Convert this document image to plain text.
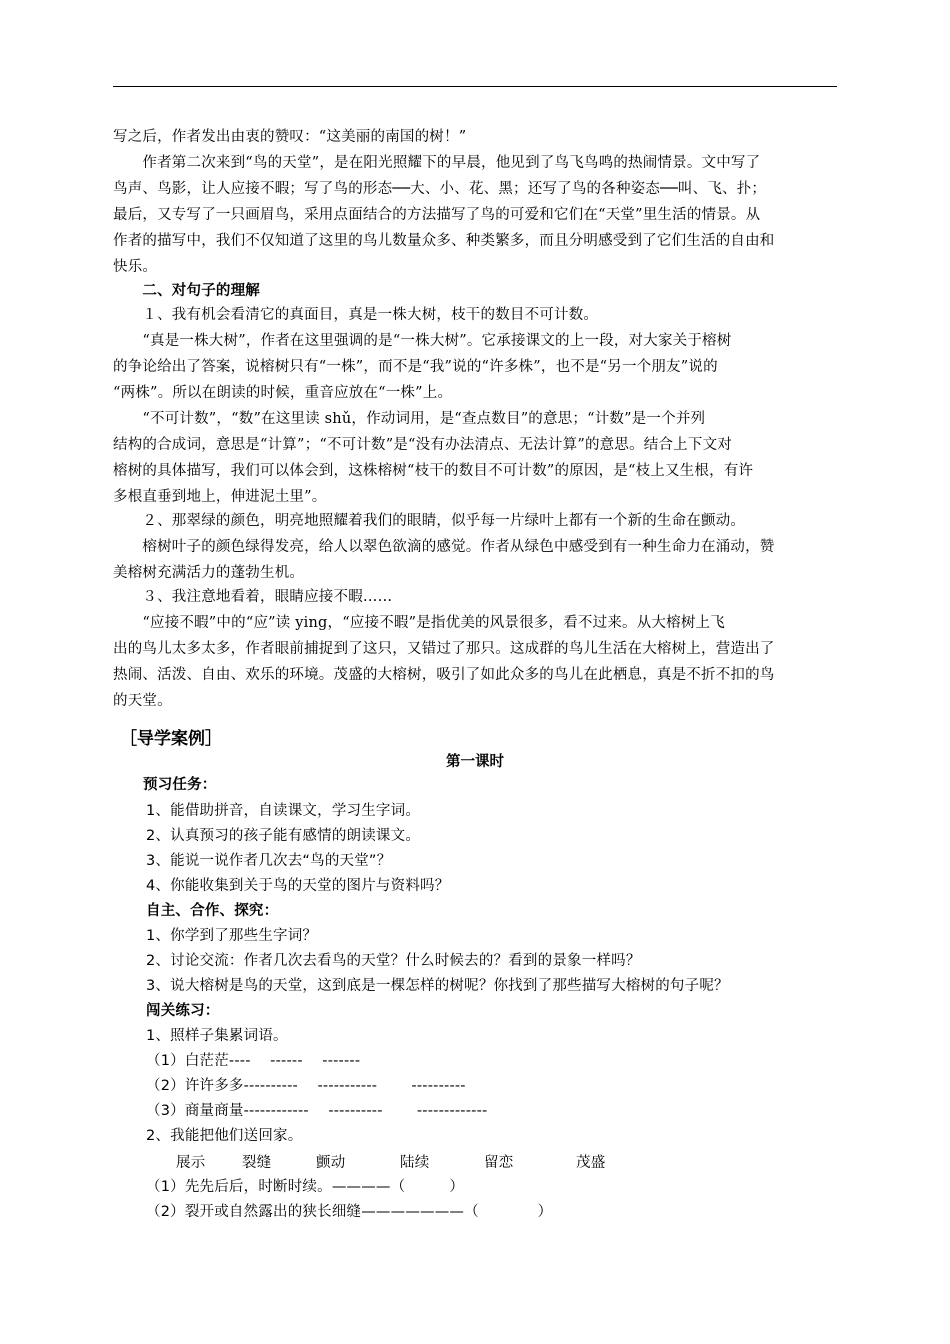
写之后，作者发出由衷的赞叹：“这美丽的南国的树！”
　　作者第二次来到“鸟的天堂”，是在阳光照耀下的早晨，他见到了鸟飞鸟鸣的热闹情景。文中写了
鸟声、鸟影，让人应接不暇；写了鸟的形态──大、小、花、黑；还写了鸟的各种姿态──叫、飞、扑；
最后，又专写了一只画眉鸟，采用点面结合的方法描写了鸟的可爱和它们在“天堂”里生活的情景。从
作者的描写中，我们不仅知道了这里的鸟儿数量众多、种类繁多，而且分明感受到了它们生活的自由和
快乐。
　　二、对句子的理解
　　１、我有机会看清它的真面目，真是一株大树，枝干的数目不可计数。
　　“真是一株大树”，作者在这里强调的是“一株大树”。它承接课文的上一段，对大家关于榕树
的争论给出了答案，说榕树只有“一株”，而不是“我”说的“许多株”，也不是“另一个朋友”说的
“两株”。所以在朗读的时候，重音应放在“一株”上。
　　“不可计数”，“数”在这里读 shǔ，作动词用，是“查点数目”的意思；“计数”是一个并列
结构的合成词，意思是“计算”；“不可计数”是“没有办法清点、无法计算”的意思。结合上下文对
榕树的具体描写，我们可以体会到，这株榕树“枝干的数目不可计数”的原因，是“枝上又生根，有许
多根直垂到地上，伸进泥土里”。
　　２、那翠绿的颜色，明亮地照耀着我们的眼睛，似乎每一片绿叶上都有一个新的生命在颤动。
　　榕树叶子的颜色绿得发亮，给人以翠色欲滴的感觉。作者从绿色中感受到有一种生命力在涌动，赞
美榕树充满活力的蓬勃生机。
　　３、我注意地看着，眼睛应接不暇……
　　“应接不暇”中的“应”读 ying，“应接不暇”是指优美的风景很多，看不过来。从大榕树上飞
出的鸟儿太多太多，作者眼前捕捉到了这只，又错过了那只。这成群的鸟儿生活在大榕树上，营造出了
热闹、活泼、自由、欢乐的环境。茂盛的大榕树，吸引了如此众多的鸟儿在此栖息，真是不折不扣的鸟
的天堂。
［导学案例］
第一课时
预习任务：
1、能借助拼音，自读课文，学习生字词。
2、认真预习的孩子能有感情的朗读课文。
3、能说一说作者几次去“鸟的天堂”？
4、你能收集到关于鸟的天堂的图片与资料吗？
自主、合作、探究：
1、你学到了那些生字词？
2、讨论交流：作者几次去看鸟的天堂？什么时候去的？看到的景象一样吗？
3、说大榕树是鸟的天堂，这到底是一棵怎样的树呢？你找到了那些描写大榕树的句子呢？
闯关练习：
1、照样子集累词语。
（1）白茫茫----　 ------　 -------
（2）许许多多----------　 -----------　　 ----------
（3）商量商量------------　 ----------　　 -------------
2、我能把他们送回家。
展示	裂缝	颤动	陆续	留恋	茂盛
（1）先先后后，时断时续。————（　　　）
（2）裂开或自然露出的狭长细缝———————（　　　　）
